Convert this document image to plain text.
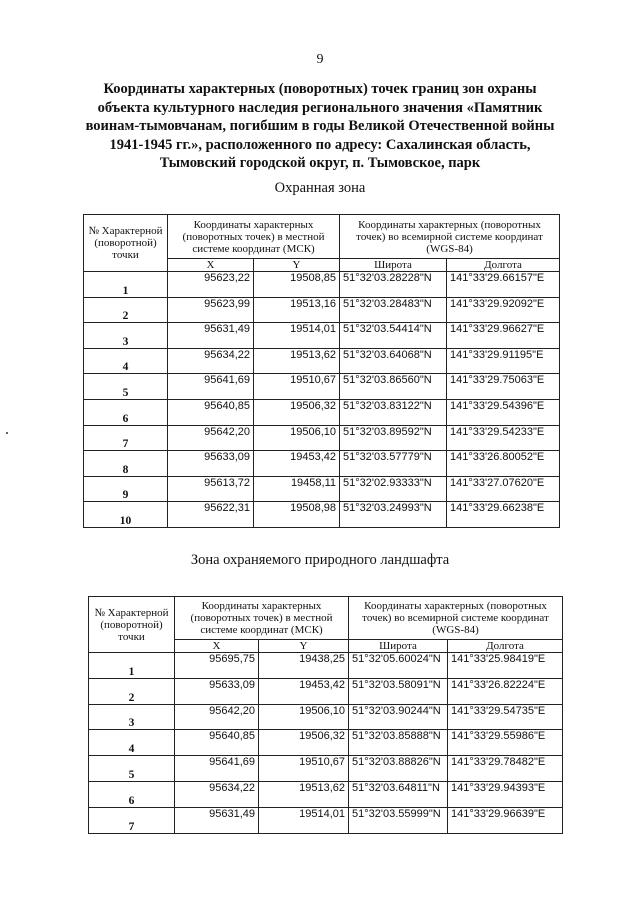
9
Координаты характерных (поворотных) точек границ зон охраны
объекта культурного наследия регионального значения «Памятник
воинам-тымовчанам, погибшим в годы Великой Отечественной войны
1941-1945 гг.», расположенного по адресу: Сахалинская область,
Тымовский городской округ, п. Тымовское, парк
Охранная зона
№ Характерной (поворотной) точки	Координаты характерных (поворотных точек) в местной системе координат (МСК)		Координаты характерных (поворотных точек) во всемирной системе координат (WGS-84)	
	X	Y	Широта	Долгота
1	95623,22	19508,85	51°32'03.28228"N	141°33'29.66157"E
2	95623,99	19513,16	51°32'03.28483"N	141°33'29.92092"E
3	95631,49	19514,01	51°32'03.54414"N	141°33'29.96627"E
4	95634,22	19513,62	51°32'03.64068"N	141°33'29.91195"E
5	95641,69	19510,67	51°32'03.86560"N	141°33'29.75063"E
6	95640,85	19506,32	51°32'03.83122"N	141°33'29.54396"E
7	95642,20	19506,10	51°32'03.89592"N	141°33'29.54233"E
8	95633,09	19453,42	51°32'03.57779"N	141°33'26.80052"E
9	95613,72	19458,11	51°32'02.93333"N	141°33'27.07620"E
10	95622,31	19508,98	51°32'03.24993"N	141°33'29.66238"E
Зона охраняемого природного ландшафта
№ Характерной (поворотной) точки	Координаты характерных (поворотных точек) в местной системе координат (МСК)		Координаты характерных (поворотных точек) во всемирной системе координат (WGS-84)	
	X	Y	Широта	Долгота
1	95695,75	19438,25	51°32'05.60024"N	141°33'25.98419"E
2	95633,09	19453,42	51°32'03.58091"N	141°33'26.82224"E
3	95642,20	19506,10	51°32'03.90244"N	141°33'29.54735"E
4	95640,85	19506,32	51°32'03.85888"N	141°33'29.55986"E
5	95641,69	19510,67	51°32'03.88826"N	141°33'29.78482"E
6	95634,22	19513,62	51°32'03.64811"N	141°33'29.94393"E
7	95631,49	19514,01	51°32'03.55999"N	141°33'29.96639"E
